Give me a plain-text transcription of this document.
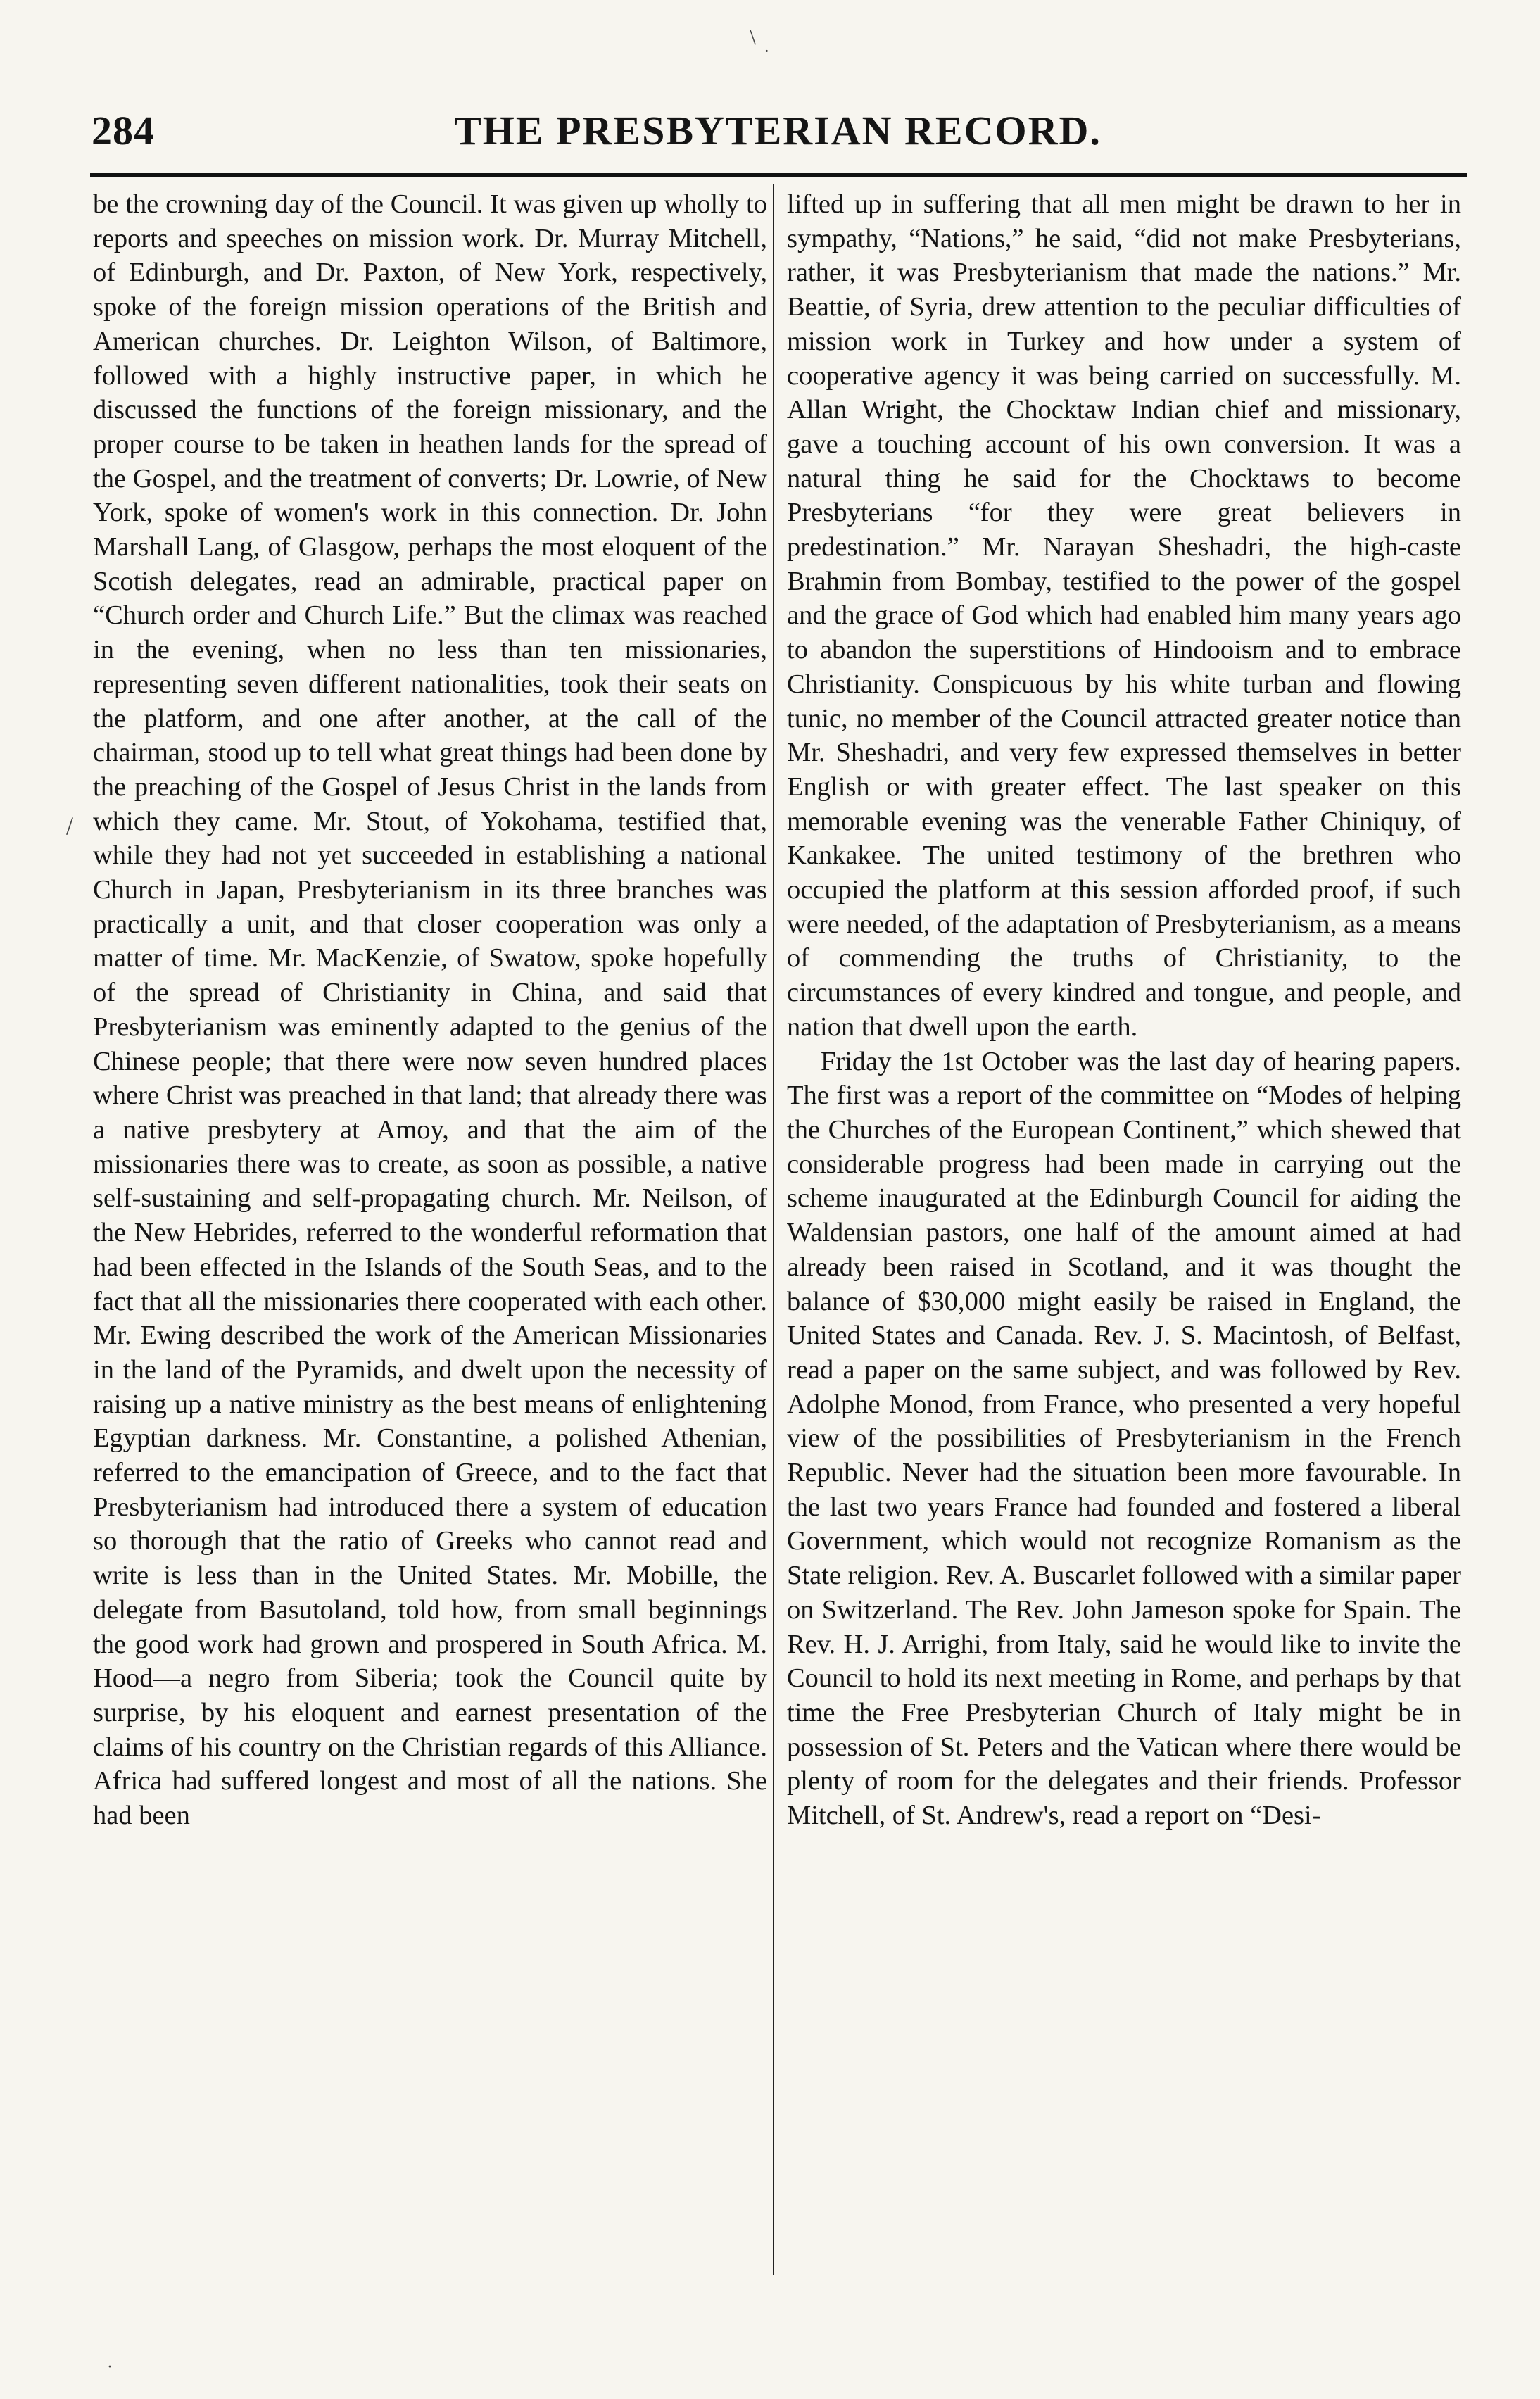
\
·
284	THE PRESBYTERIAN RECORD.
/

be the crowning day of the Council. It was given up wholly to reports and speeches on mission work. Dr. Murray Mitchell, of Edinburgh, and Dr. Paxton, of New York, respectively, spoke of the foreign mission operations of the British and American churches. Dr. Leighton Wilson, of Baltimore, followed with a highly instructive paper, in which he discussed the functions of the foreign missionary, and the proper course to be taken in heathen lands for the spread of the Gospel, and the treatment of converts; Dr. Lowrie, of New York, spoke of women's work in this connection. Dr. John Marshall Lang, of Glasgow, perhaps the most eloquent of the Scotish delegates, read an admirable, practical paper on “Church order and Church Life.” But the climax was reached in the evening, when no less than ten missionaries, representing seven different nationalities, took their seats on the platform, and one after another, at the call of the chairman, stood up to tell what great things had been done by the preaching of the Gospel of Jesus Christ in the lands from which they came. Mr. Stout, of Yokohama, testified that, while they had not yet succeeded in establishing a national Church in Japan, Presbyterianism in its three branches was practically a unit, and that closer cooperation was only a matter of time. Mr. MacKenzie, of Swatow, spoke hopefully of the spread of Christianity in China, and said that Presbyterianism was eminently adapted to the genius of the Chinese people; that there were now seven hundred places where Christ was preached in that land; that already there was a native presbytery at Amoy, and that the aim of the missionaries there was to create, as soon as possible, a native self-sustaining and self-propagating church. Mr. Neilson, of the New Hebrides, referred to the wonderful reformation that had been effected in the Islands of the South Seas, and to the fact that all the missionaries there cooperated with each other. Mr. Ewing described the work of the American Missionaries in the land of the Pyramids, and dwelt upon the necessity of raising up a native ministry as the best means of enlightening Egyptian darkness. Mr. Constantine, a polished Athenian, referred to the emancipation of Greece, and to the fact that Presbyterianism had introduced there a system of education so thorough that the ratio of Greeks who cannot read and write is less than in the United States. Mr. Mobille, the delegate from Basutoland, told how, from small beginnings the good work had grown and prospered in South Africa. M. Hood—a negro from Siberia; took the Council quite by surprise, by his eloquent and earnest presentation of the claims of his country on the Christian regards of this Alliance. Africa had suffered longest and most of all the nations. She had been

lifted up in suffering that all men might be drawn to her in sympathy, “Nations,” he said, “did not make Presbyterians, rather, it was Presbyterianism that made the nations.” Mr. Beattie, of Syria, drew attention to the peculiar difficulties of mission work in Turkey and how under a system of cooperative agency it was being carried on successfully. M. Allan Wright, the Chocktaw Indian chief and missionary, gave a touching account of his own conversion. It was a natural thing he said for the Chocktaws to become Presbyterians “for they were great believers in predestination.” Mr. Narayan Sheshadri, the high-caste Brahmin from Bombay, testified to the power of the gospel and the grace of God which had enabled him many years ago to abandon the superstitions of Hindooism and to embrace Christianity. Conspicuous by his white turban and flowing tunic, no member of the Council attracted greater notice than Mr. Sheshadri, and very few expressed themselves in better English or with greater effect. The last speaker on this memorable evening was the venerable Father Chiniquy, of Kankakee. The united testimony of the brethren who occupied the platform at this session afforded proof, if such were needed, of the adaptation of Presbyterianism, as a means of commending the truths of Christianity, to the circumstances of every kindred and tongue, and people, and nation that dwell upon the earth.

Friday the 1st October was the last day of hearing papers. The first was a report of the committee on “Modes of helping the Churches of the European Continent,” which shewed that considerable progress had been made in carrying out the scheme inaugurated at the Edinburgh Council for aiding the Waldensian pastors, one half of the amount aimed at had already been raised in Scotland, and it was thought the balance of $30,000 might easily be raised in England, the United States and Canada. Rev. J. S. Macintosh, of Belfast, read a paper on the same subject, and was followed by Rev. Adolphe Monod, from France, who presented a very hopeful view of the possibilities of Presbyterianism in the French Republic. Never had the situation been more favourable. In the last two years France had founded and fostered a liberal Government, which would not recognize Romanism as the State religion. Rev. A. Buscarlet followed with a similar paper on Switzerland. The Rev. John Jameson spoke for Spain. The Rev. H. J. Arrighi, from Italy, said he would like to invite the Council to hold its next meeting in Rome, and perhaps by that time the Free Presbyterian Church of Italy might be in possession of St. Peters and the Vatican where there would be plenty of room for the delegates and their friends. Professor Mitchell, of St. Andrew's, read a report on “Desi-

·
